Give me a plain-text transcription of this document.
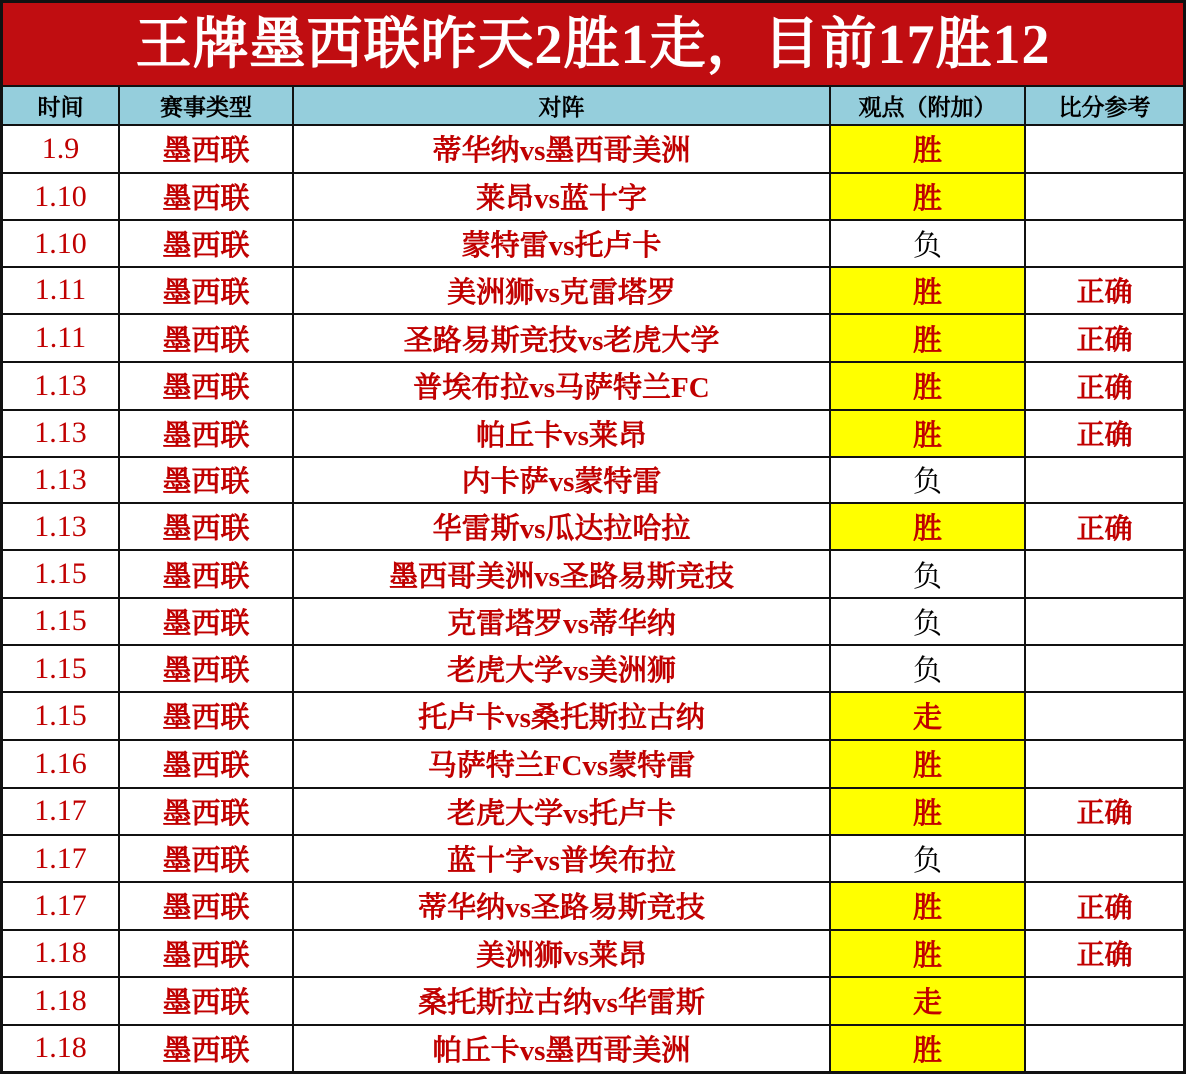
王牌墨西联昨天2胜1走，目前17胜12
时间	赛事类型	对阵	观点（附加）	比分参考
1.9	墨西联	蒂华纳vs墨西哥美洲	胜
1.10	墨西联	莱昂vs蓝十字	胜
1.10	墨西联	蒙特雷vs托卢卡	负
1.11	墨西联	美洲狮vs克雷塔罗	胜	正确
1.11	墨西联	圣路易斯竞技vs老虎大学	胜	正确
1.13	墨西联	普埃布拉vs马萨特兰FC	胜	正确
1.13	墨西联	帕丘卡vs莱昂	胜	正确
1.13	墨西联	内卡萨vs蒙特雷	负
1.13	墨西联	华雷斯vs瓜达拉哈拉	胜	正确
1.15	墨西联	墨西哥美洲vs圣路易斯竞技	负
1.15	墨西联	克雷塔罗vs蒂华纳	负
1.15	墨西联	老虎大学vs美洲狮	负
1.15	墨西联	托卢卡vs桑托斯拉古纳	走
1.16	墨西联	马萨特兰FCvs蒙特雷	胜
1.17	墨西联	老虎大学vs托卢卡	胜	正确
1.17	墨西联	蓝十字vs普埃布拉	负
1.17	墨西联	蒂华纳vs圣路易斯竞技	胜	正确
1.18	墨西联	美洲狮vs莱昂	胜	正确
1.18	墨西联	桑托斯拉古纳vs华雷斯	走
1.18	墨西联	帕丘卡vs墨西哥美洲	胜
